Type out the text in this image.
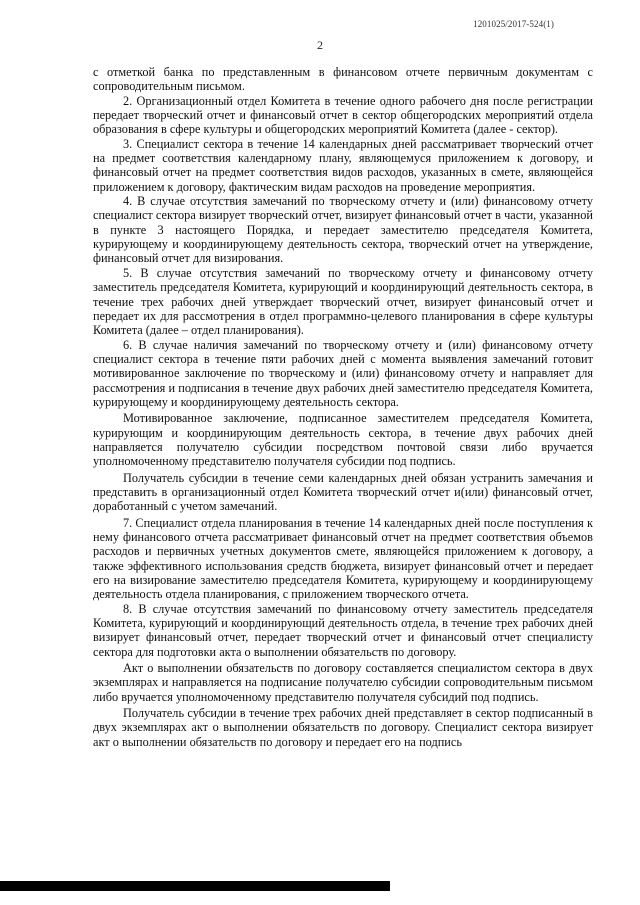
1201025/2017-524(1)
2

с отметкой банка по представленным в финансовом отчете первичным документам с сопроводительным письмом.

2. Организационный отдел Комитета в течение одного рабочего дня после регистрации передает творческий отчет и финансовый отчет в сектор общегородских мероприятий отдела образования в сфере культуры и общегородских мероприятий Комитета (далее - сектор).

3. Специалист сектора в течение 14 календарных дней рассматривает творческий отчет на предмет соответствия календарному плану, являющемуся приложением к договору, и финансовый отчет на предмет соответствия видов расходов, указанных в смете, являющейся приложением к договору, фактическим видам расходов на проведение мероприятия.

4. В случае отсутствия замечаний по творческому отчету и (или) финансовому отчету специалист сектора визирует творческий отчет, визирует финансовый отчет в части, указанной в пункте 3 настоящего Порядка, и передает заместителю председателя Комитета, курирующему и координирующему деятельность сектора, творческий отчет на утверждение, финансовый отчет для визирования.

5. В случае отсутствия замечаний по творческому отчету и финансовому отчету заместитель председателя Комитета, курирующий и координирующий деятельность сектора, в течение трех рабочих дней утверждает творческий отчет, визирует финансовый отчет и передает их для рассмотрения в отдел программно-целевого планирования в сфере культуры Комитета (далее – отдел планирования).

6. В случае наличия замечаний по творческому отчету и (или) финансовому отчету специалист сектора в течение пяти рабочих дней с момента выявления замечаний готовит мотивированное заключение по творческому и (или) финансовому отчету и направляет для рассмотрения и подписания в течение двух рабочих дней заместителю председателя Комитета, курирующему и координирующему деятельность сектора.

Мотивированное заключение, подписанное заместителем председателя Комитета, курирующим и координирующим деятельность сектора, в течение двух рабочих дней направляется получателю субсидии посредством почтовой связи либо вручается уполномоченному представителю получателя субсидии под подпись.

Получатель субсидии в течение семи календарных дней обязан устранить замечания и представить в организационный отдел Комитета творческий отчет и(или) финансовый отчет, доработанный с учетом замечаний.

7. Специалист отдела планирования в течение 14 календарных дней после поступления к нему финансового отчета рассматривает финансовый отчет на предмет соответствия объемов расходов и первичных учетных документов смете, являющейся приложением к договору, а также эффективного использования средств бюджета, визирует финансовый отчет и передает его на визирование заместителю председателя Комитета, курирующему и координирующему деятельность отдела планирования, с приложением творческого отчета.

8. В случае отсутствия замечаний по финансовому отчету заместитель председателя Комитета, курирующий и координирующий деятельность отдела, в течение трех рабочих дней визирует финансовый отчет, передает творческий отчет и финансовый отчет специалисту сектора для подготовки акта о выполнении обязательств по договору.

Акт о выполнении обязательств по договору составляется специалистом сектора в двух экземплярах и направляется на подписание получателю субсидии сопроводительным письмом либо вручается уполномоченному представителю получателя субсидий под подпись.

Получатель субсидии в течение трех рабочих дней представляет в сектор подписанный в двух экземплярах акт о выполнении обязательств по договору. Специалист сектора визирует акт о выполнении обязательств по договору и передает его на подпись
